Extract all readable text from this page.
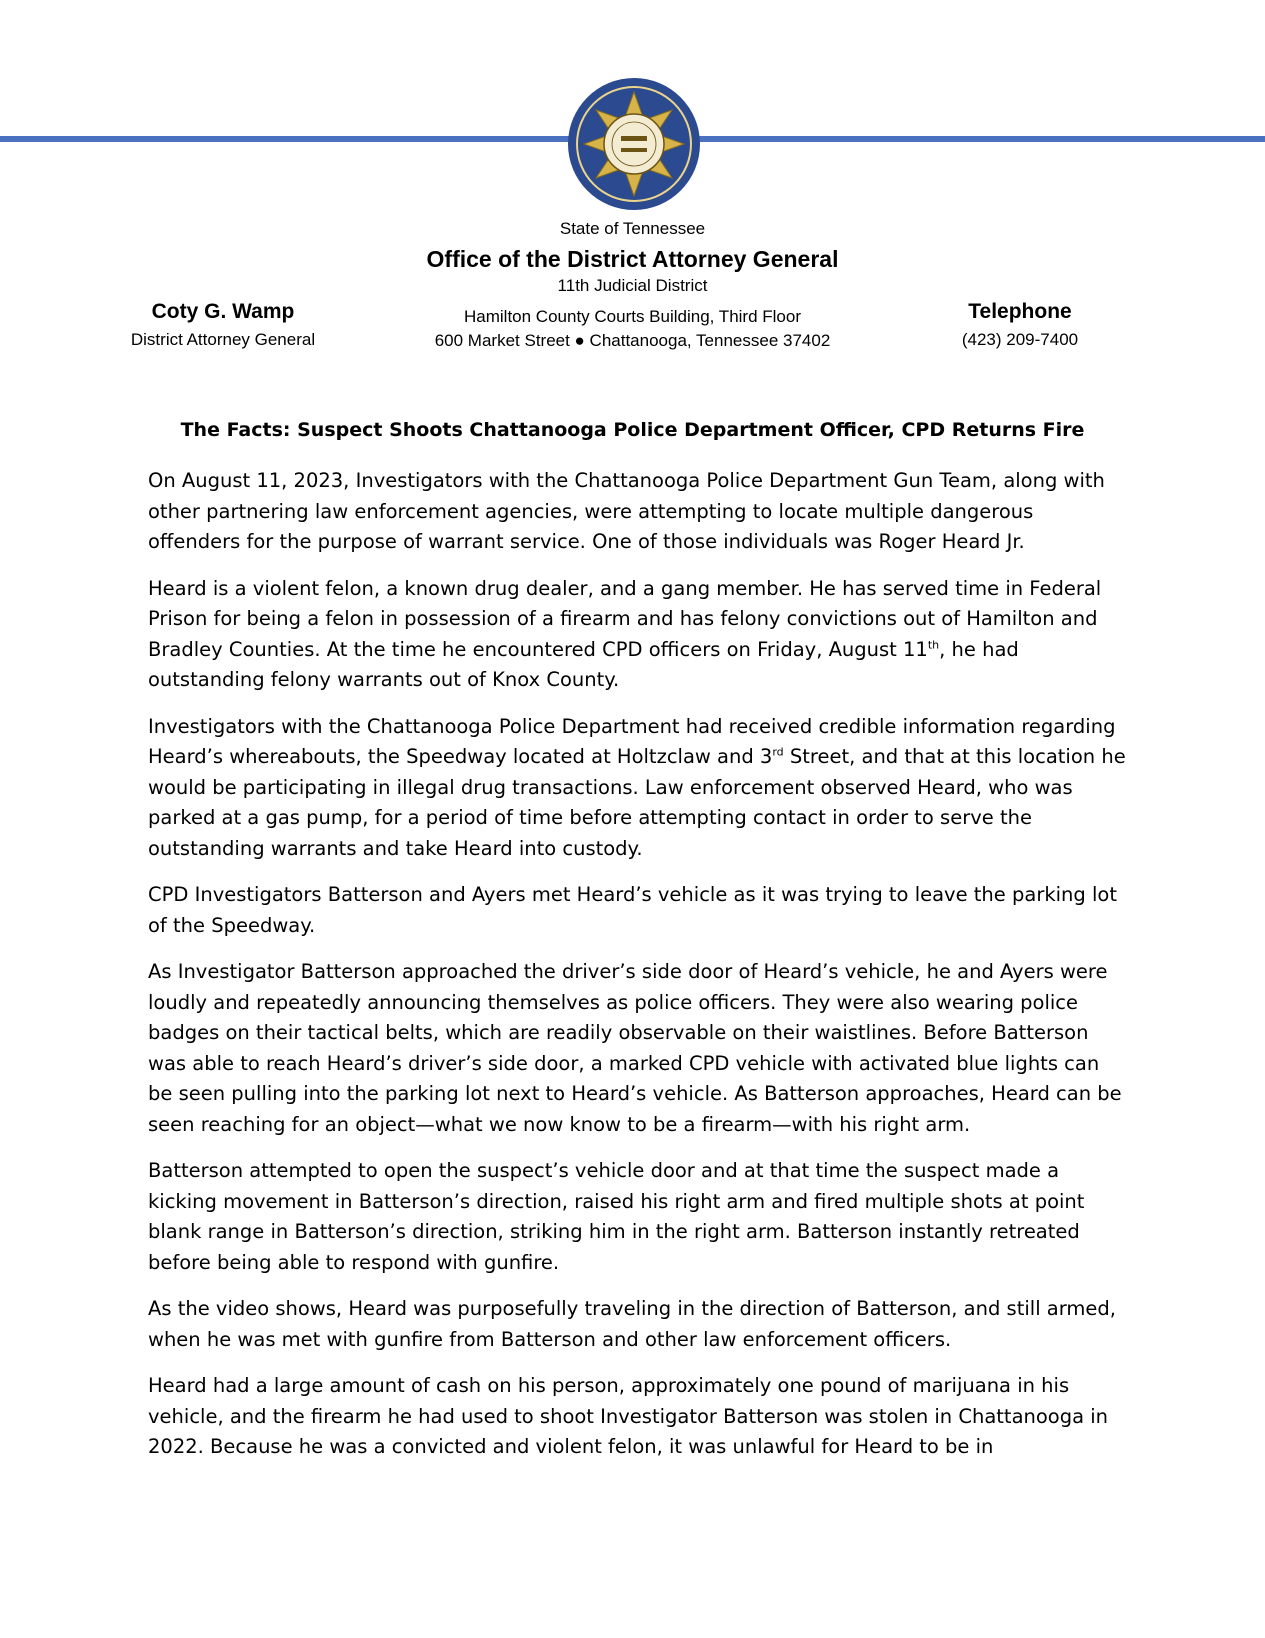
State of Tennessee
Office of the District Attorney General
11th Judicial District
Hamilton County Courts Building, Third Floor
600 Market Street ● Chattanooga, Tennessee 37402
Coty G. Wamp
District Attorney General
Telephone
(423) 209-7400
The Facts: Suspect Shoots Chattanooga Police Department Officer, CPD Returns Fire

On August 11, 2023, Investigators with the Chattanooga Police Department Gun Team, along with other partnering law enforcement agencies, were attempting to locate multiple dangerous offenders for the purpose of warrant service. One of those individuals was Roger Heard Jr.

Heard is a violent felon, a known drug dealer, and a gang member. He has served time in Federal Prison for being a felon in possession of a firearm and has felony convictions out of Hamilton and Bradley Counties. At the time he encountered CPD officers on Friday, August 11th, he had outstanding felony warrants out of Knox County.

Investigators with the Chattanooga Police Department had received credible information regarding Heard’s whereabouts, the Speedway located at Holtzclaw and 3rd Street, and that at this location he would be participating in illegal drug transactions. Law enforcement observed Heard, who was parked at a gas pump, for a period of time before attempting contact in order to serve the outstanding warrants and take Heard into custody.

CPD Investigators Batterson and Ayers met Heard’s vehicle as it was trying to leave the parking lot of the Speedway.

As Investigator Batterson approached the driver’s side door of Heard’s vehicle, he and Ayers were loudly and repeatedly announcing themselves as police officers. They were also wearing police badges on their tactical belts, which are readily observable on their waistlines. Before Batterson was able to reach Heard’s driver’s side door, a marked CPD vehicle with activated blue lights can be seen pulling into the parking lot next to Heard’s vehicle. As Batterson approaches, Heard can be seen reaching for an object—what we now know to be a firearm—with his right arm.

Batterson attempted to open the suspect’s vehicle door and at that time the suspect made a kicking movement in Batterson’s direction, raised his right arm and fired multiple shots at point blank range in Batterson’s direction, striking him in the right arm. Batterson instantly retreated before being able to respond with gunfire.

As the video shows, Heard was purposefully traveling in the direction of Batterson, and still armed, when he was met with gunfire from Batterson and other law enforcement officers.

Heard had a large amount of cash on his person, approximately one pound of marijuana in his vehicle, and the firearm he had used to shoot Investigator Batterson was stolen in Chattanooga in 2022. Because he was a convicted and violent felon, it was unlawful for Heard to be in
